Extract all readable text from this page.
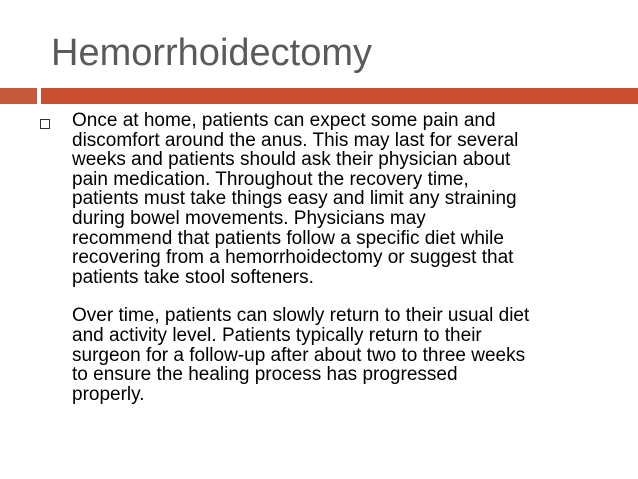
Hemorrhoidectomy

Once at home, patients can expect some pain and
discomfort around the anus. This may last for several
weeks and patients should ask their physician about
pain medication. Throughout the recovery time,
patients must take things easy and limit any straining
during bowel movements. Physicians may
recommend that patients follow a specific diet while
recovering from a hemorrhoidectomy or suggest that
patients take stool softeners.

Over time, patients can slowly return to their usual diet
and activity level. Patients typically return to their
surgeon for a follow-up after about two to three weeks
to ensure the healing process has progressed
properly.
